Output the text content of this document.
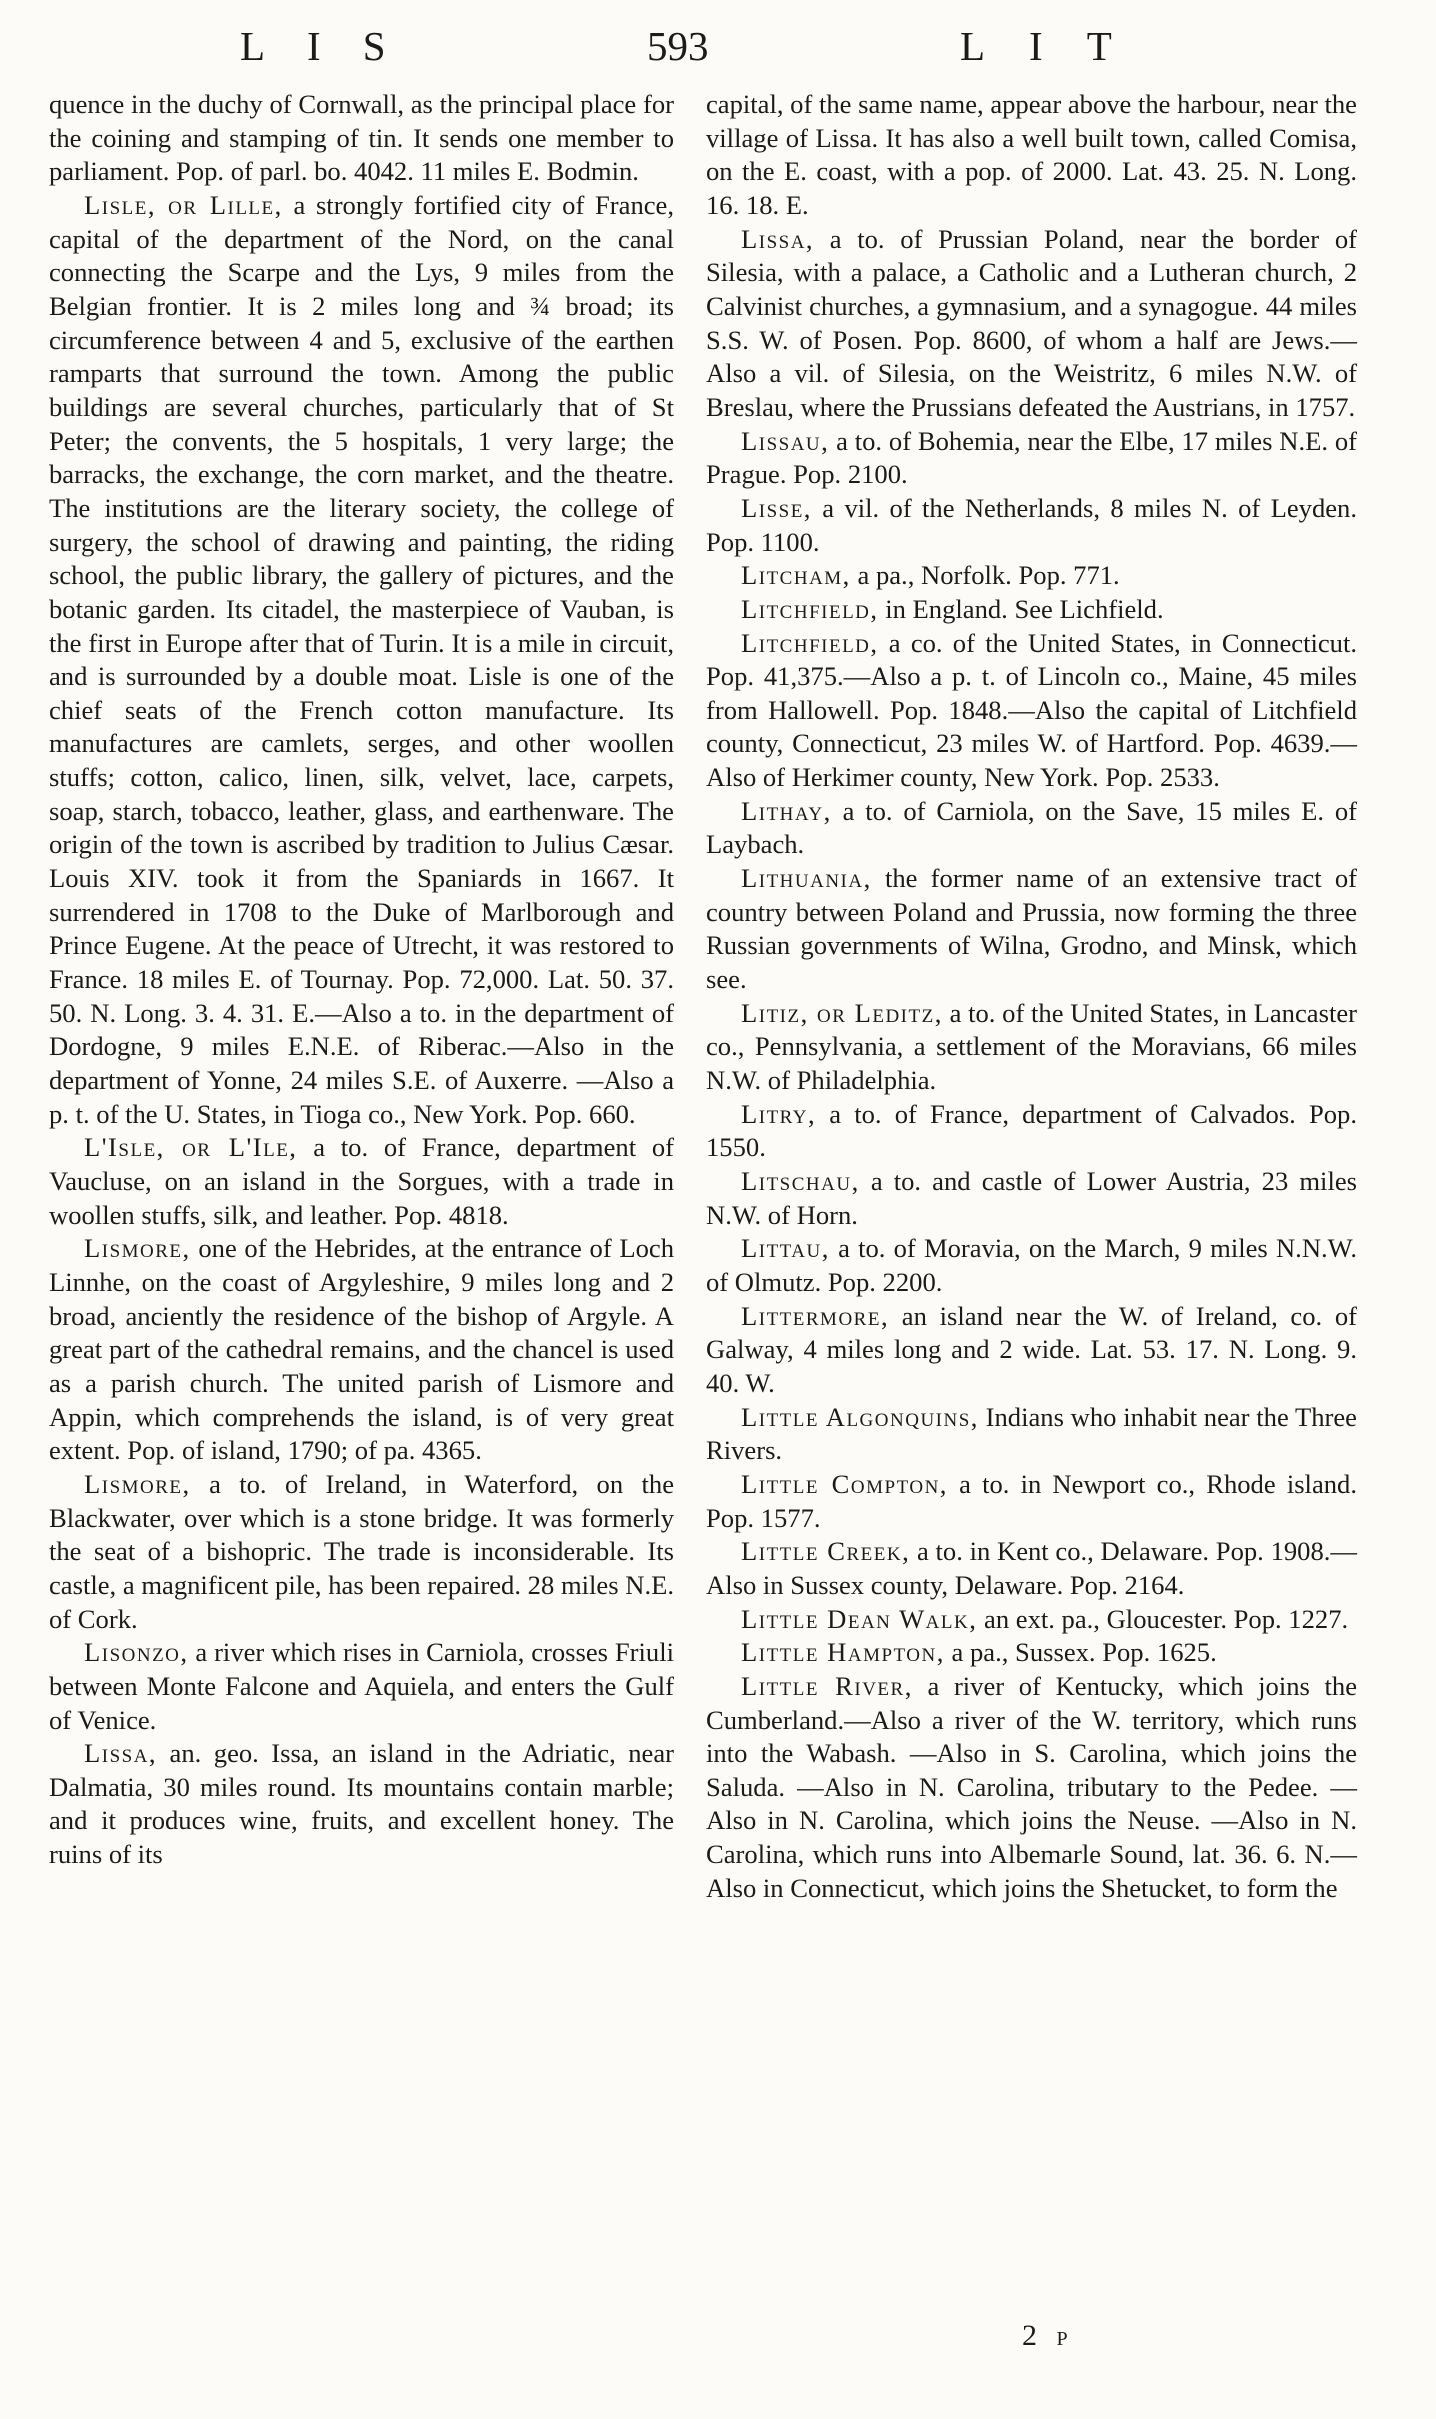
LIS	593	LIT

quence in the duchy of Cornwall, as the principal place for the coining and stamping of tin. It sends one member to parliament. Pop. of parl. bo. 4042. 11 miles E. Bodmin.

Lisle, or Lille, a strongly fortified city of France, capital of the department of the Nord, on the canal connecting the Scarpe and the Lys, 9 miles from the Belgian frontier. It is 2 miles long and ¾ broad; its circumference between 4 and 5, exclusive of the earthen ramparts that surround the town. Among the public buildings are several churches, particularly that of St Peter; the convents, the 5 hospitals, 1 very large; the barracks, the exchange, the corn market, and the theatre. The institutions are the literary society, the college of surgery, the school of drawing and painting, the riding school, the public library, the gallery of pictures, and the botanic garden. Its citadel, the masterpiece of Vauban, is the first in Europe after that of Turin. It is a mile in circuit, and is surrounded by a double moat. Lisle is one of the chief seats of the French cotton manufacture. Its manufactures are camlets, serges, and other woollen stuffs; cotton, calico, linen, silk, velvet, lace, carpets, soap, starch, tobacco, leather, glass, and earthenware. The origin of the town is ascribed by tradition to Julius Cæsar. Louis XIV. took it from the Spaniards in 1667. It surrendered in 1708 to the Duke of Marlborough and Prince Eugene. At the peace of Utrecht, it was restored to France. 18 miles E. of Tournay. Pop. 72,000. Lat. 50. 37. 50. N. Long. 3. 4. 31. E.—Also a to. in the department of Dordogne, 9 miles E.N.E. of Riberac.—Also in the department of Yonne, 24 miles S.E. of Auxerre. —Also a p. t. of the U. States, in Tioga co., New York. Pop. 660.

L'Isle, or L'Ile, a to. of France, department of Vaucluse, on an island in the Sorgues, with a trade in woollen stuffs, silk, and leather. Pop. 4818.

Lismore, one of the Hebrides, at the entrance of Loch Linnhe, on the coast of Argyleshire, 9 miles long and 2 broad, anciently the residence of the bishop of Argyle. A great part of the cathedral remains, and the chancel is used as a parish church. The united parish of Lismore and Appin, which comprehends the island, is of very great extent. Pop. of island, 1790; of pa. 4365.

Lismore, a to. of Ireland, in Waterford, on the Blackwater, over which is a stone bridge. It was formerly the seat of a bishopric. The trade is inconsiderable. Its castle, a magnificent pile, has been repaired. 28 miles N.E. of Cork.

Lisonzo, a river which rises in Carniola, crosses Friuli between Monte Falcone and Aquiela, and enters the Gulf of Venice.

Lissa, an. geo. Issa, an island in the Adriatic, near Dalmatia, 30 miles round. Its mountains contain marble; and it produces wine, fruits, and excellent honey. The ruins of its

capital, of the same name, appear above the harbour, near the village of Lissa. It has also a well built town, called Comisa, on the E. coast, with a pop. of 2000. Lat. 43. 25. N. Long. 16. 18. E.

Lissa, a to. of Prussian Poland, near the border of Silesia, with a palace, a Catholic and a Lutheran church, 2 Calvinist churches, a gymnasium, and a synagogue. 44 miles S.S. W. of Posen. Pop. 8600, of whom a half are Jews.—Also a vil. of Silesia, on the Weistritz, 6 miles N.W. of Breslau, where the Prussians defeated the Austrians, in 1757.

Lissau, a to. of Bohemia, near the Elbe, 17 miles N.E. of Prague. Pop. 2100.

Lisse, a vil. of the Netherlands, 8 miles N. of Leyden. Pop. 1100.

Litcham, a pa., Norfolk. Pop. 771.

Litchfield, in England. See Lichfield.

Litchfield, a co. of the United States, in Connecticut. Pop. 41,375.—Also a p. t. of Lincoln co., Maine, 45 miles from Hallowell. Pop. 1848.—Also the capital of Litchfield county, Connecticut, 23 miles W. of Hartford. Pop. 4639.—Also of Herkimer county, New York. Pop. 2533.

Lithay, a to. of Carniola, on the Save, 15 miles E. of Laybach.

Lithuania, the former name of an extensive tract of country between Poland and Prussia, now forming the three Russian governments of Wilna, Grodno, and Minsk, which see.

Litiz, or Leditz, a to. of the United States, in Lancaster co., Pennsylvania, a settlement of the Moravians, 66 miles N.W. of Philadelphia.

Litry, a to. of France, department of Calvados. Pop. 1550.

Litschau, a to. and castle of Lower Austria, 23 miles N.W. of Horn.

Littau, a to. of Moravia, on the March, 9 miles N.N.W. of Olmutz. Pop. 2200.

Littermore, an island near the W. of Ireland, co. of Galway, 4 miles long and 2 wide. Lat. 53. 17. N. Long. 9. 40. W.

Little Algonquins, Indians who inhabit near the Three Rivers.

Little Compton, a to. in Newport co., Rhode island. Pop. 1577.

Little Creek, a to. in Kent co., Delaware. Pop. 1908.—Also in Sussex county, Delaware. Pop. 2164.

Little Dean Walk, an ext. pa., Gloucester. Pop. 1227.

Little Hampton, a pa., Sussex. Pop. 1625.

Little River, a river of Kentucky, which joins the Cumberland.—Also a river of the W. territory, which runs into the Wabash. —Also in S. Carolina, which joins the Saluda. —Also in N. Carolina, tributary to the Pedee. —Also in N. Carolina, which joins the Neuse. —Also in N. Carolina, which runs into Albemarle Sound, lat. 36. 6. N.—Also in Connecticut, which joins the Shetucket, to form the

2 P
